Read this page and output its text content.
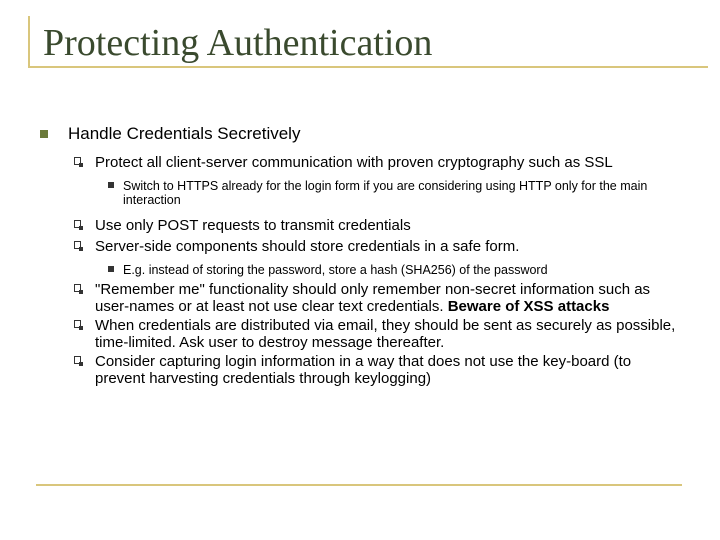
Protecting Authentication
Handle Credentials Secretively
Protect all client-server communication with proven cryptography such as SSL
Switch to HTTPS already for the login form if you are considering using HTTP only for the main interaction
Use only POST requests to transmit credentials
Server-side components should store credentials in a safe form.
E.g. instead of storing the password, store a hash (SHA256) of the password
"Remember me" functionality should only remember non-secret information such as user-names or at least not use clear text credentials. Beware of XSS attacks
When credentials are distributed via email, they should be sent as securely as possible, time-limited. Ask user to destroy message thereafter.
Consider capturing login information in a way that does not use the key-board (to prevent harvesting credentials through keylogging)
